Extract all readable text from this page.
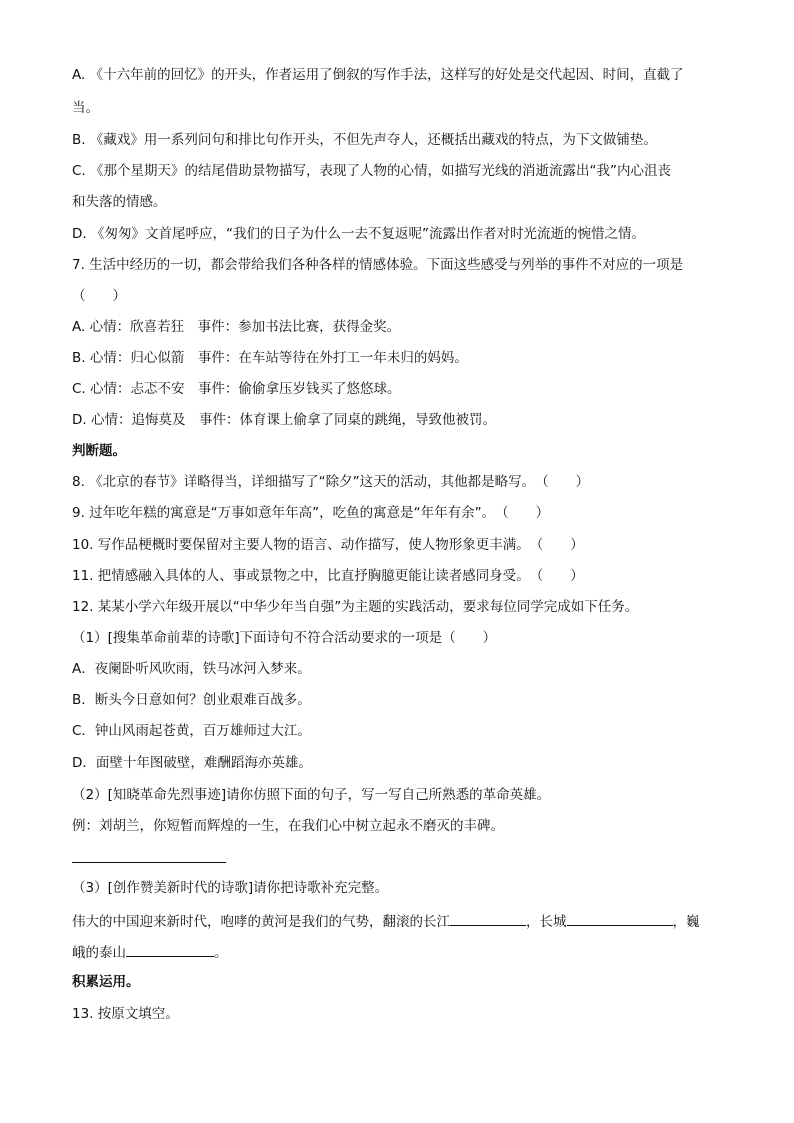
A. 《十六年前的回忆》的开头，作者运用了倒叙的写作手法，这样写的好处是交代起因、时间，直截了
当。
B. 《藏戏》用一系列问句和排比句作开头，不但先声夺人，还概括出藏戏的特点，为下文做铺垫。
C. 《那个星期天》的结尾借助景物描写，表现了人物的心情，如描写光线的消逝流露出“我”内心沮丧
和失落的情感。
D. 《匆匆》文首尾呼应，“我们的日子为什么一去不复返呢”流露出作者对时光流逝的惋惜之情。
7. 生活中经历的一切，都会带给我们各种各样的情感体验。下面这些感受与列举的事件不对应的一项是
（　　）
A. 心情：欣喜若狂　事件：参加书法比赛，获得金奖。
B. 心情：归心似箭　事件：在车站等待在外打工一年未归的妈妈。
C. 心情：忐忑不安　事件：偷偷拿压岁钱买了悠悠球。
D. 心情：追悔莫及　事件：体育课上偷拿了同桌的跳绳，导致他被罚。
判断题。
8. 《北京的春节》详略得当，详细描写了“除夕”这天的活动，其他都是略写。　（　　）
9. 过年吃年糕的寓意是“万事如意年年高”，吃鱼的寓意是“年年有余”。　（　　）
10. 写作品梗概时要保留对主要人物的语言、动作描写，使人物形象更丰满。　（　　）
11. 把情感融入具体的人、事或景物之中，比直抒胸臆更能让读者感同身受。　（　　）
12. 某某小学六年级开展以“中华少年当自强”为主题的实践活动，要求每位同学完成如下任务。
（1）[搜集革命前辈的诗歌]下面诗句不符合活动要求的一项是（　　）
A．夜阑卧听风吹雨，铁马冰河入梦来。
B．断头今日意如何？创业艰难百战多。
C．钟山风雨起苍黄，百万雄师过大江。
D．面壁十年图破壁，难酬蹈海亦英雄。
（2）[知晓革命先烈事迹]请你仿照下面的句子，写一写自己所熟悉的革命英雄。
例：刘胡兰，你短暂而辉煌的一生，在我们心中树立起永不磨灭的丰碑。
（3）[创作赞美新时代的诗歌]请你把诗歌补充完整。
伟大的中国迎来新时代，咆哮的黄河是我们的气势，翻滚的长江	，长城	，巍
峨的泰山	。
积累运用。
13. 按原文填空。
